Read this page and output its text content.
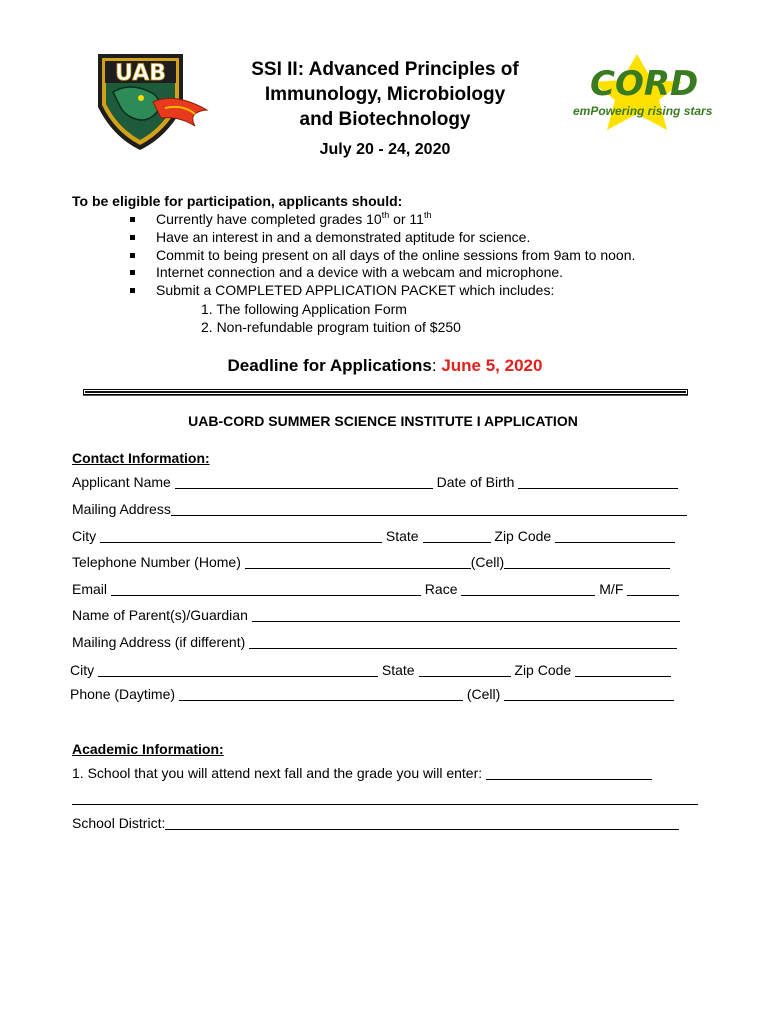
UAB	SSI II: Advanced Principles of
Immunology, Microbiology
and Biotechnology
July 20 - 24, 2020
CORD
emPowering rising stars
To be eligible for participation, applicants should:
Currently have completed grades 10th or 11th
Have an interest in and a demonstrated aptitude for science.
Commit to being present on all days of the online sessions from 9am to noon.
Internet connection and a device with a webcam and microphone.
Submit a COMPLETED APPLICATION PACKET which includes:
1. The following Application Form
2. Non-refundable program tuition of $250
Deadline for Applications: June 5, 2020
UAB-CORD SUMMER SCIENCE INSTITUTE I APPLICATION
Contact Information:
Applicant Name	Date of Birth
Mailing Address
City	State	Zip Code
Telephone Number (Home)	(Cell)
Email	Race	M/F
Name of Parent(s)/Guardian
Mailing Address (if different)
City	State	Zip Code
Phone (Daytime)	(Cell)
Academic Information:
1. School that you will attend next fall and the grade you will enter:
School District:
